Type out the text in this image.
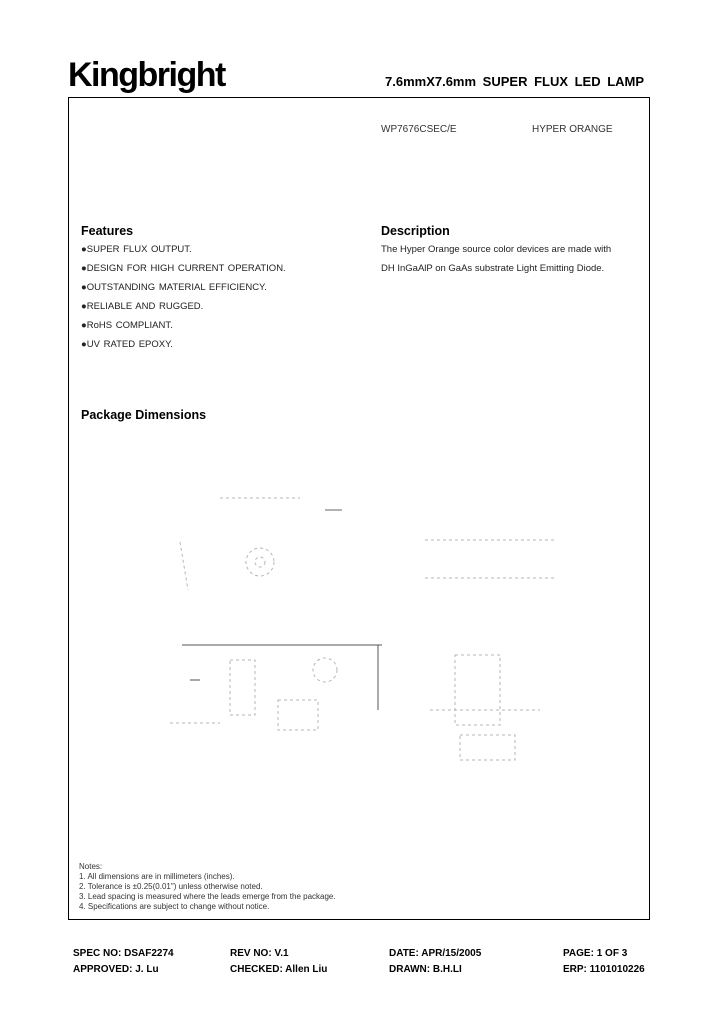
Kingbright	7.6mmX7.6mm SUPER FLUX LED LAMP
WP7676CSEC/E	HYPER ORANGE
Features
●SUPER FLUX OUTPUT.
●DESIGN FOR HIGH CURRENT OPERATION.
●OUTSTANDING MATERIAL EFFICIENCY.
●RELIABLE AND RUGGED.
●RoHS COMPLIANT.
●UV RATED EPOXY.
Description
The Hyper Orange source color devices are made with
DH InGaAlP on GaAs substrate Light Emitting Diode.
Package Dimensions
Notes:
1. All dimensions are in millimeters (inches).
2. Tolerance is ±0.25(0.01") unless otherwise noted.
3. Lead spacing is measured where the leads emerge from the package.
4. Specifications are subject to change without notice.
SPEC NO: DSAF2274	REV NO: V.1	DATE: APR/15/2005	PAGE: 1 OF 3
APPROVED: J. Lu	CHECKED: Allen Liu	DRAWN: B.H.LI	ERP: 1101010226
